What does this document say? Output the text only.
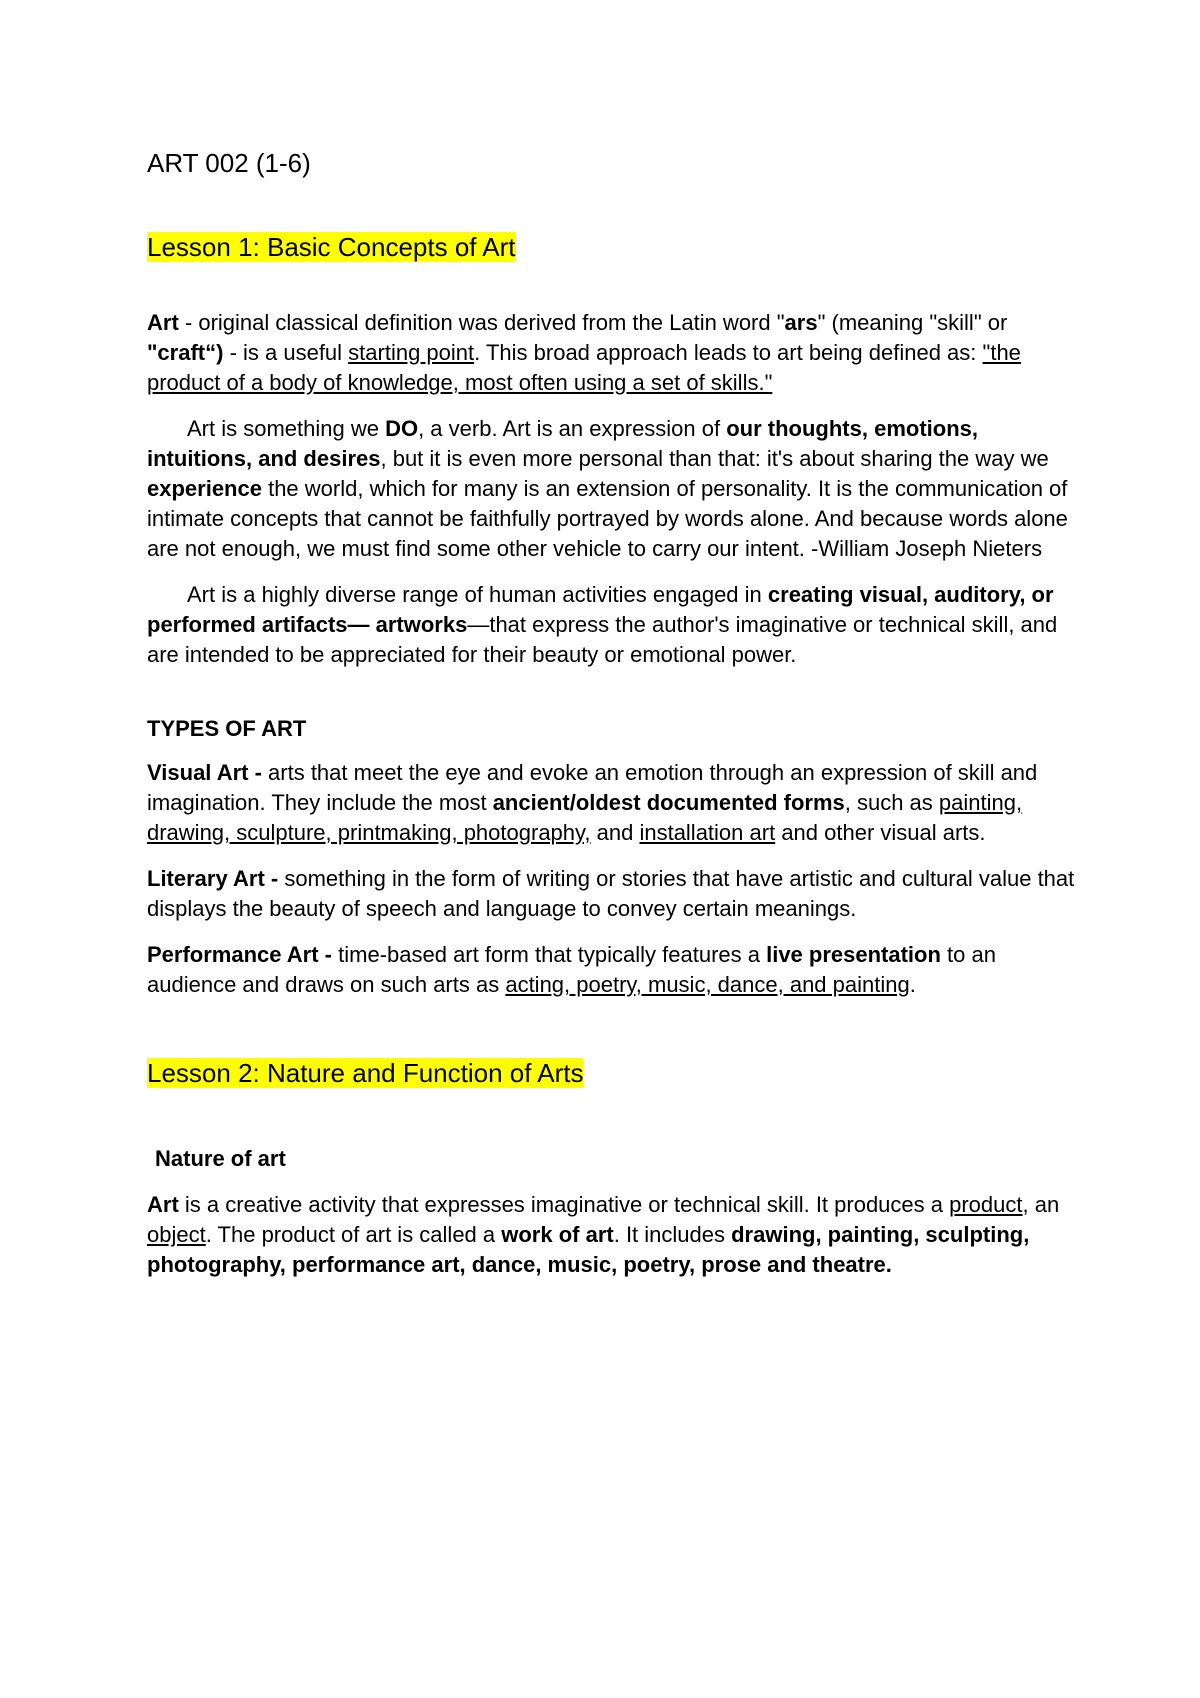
ART 002 (1-6)
Lesson 1: Basic Concepts of Art

Art - original classical definition was derived from the Latin word "ars" (meaning "skill" or "craft“) - is a useful starting point. This broad approach leads to art being defined as: "the product of a body of knowledge, most often using a set of skills."

Art is something we DO, a verb. Art is an expression of our thoughts, emotions, intuitions, and desires, but it is even more personal than that: it's about sharing the way we experience the world, which for many is an extension of personality. It is the communication of intimate concepts that cannot be faithfully portrayed by words alone. And because words alone are not enough, we must find some other vehicle to carry our intent. -William Joseph Nieters

Art is a highly diverse range of human activities engaged in creating visual, auditory, or performed artifacts— artworks—that express the author's imaginative or technical skill, and are intended to be appreciated for their beauty or emotional power.

TYPES OF ART

Visual Art - arts that meet the eye and evoke an emotion through an expression of skill and imagination. They include the most ancient/oldest documented forms, such as painting, drawing, sculpture, printmaking, photography, and installation art and other visual arts.

Literary Art - something in the form of writing or stories that have artistic and cultural value that displays the beauty of speech and language to convey certain meanings.

Performance Art - time-based art form that typically features a live presentation to an audience and draws on such arts as acting, poetry, music, dance, and painting.

Lesson 2: Nature and Function of Arts

Nature of art

Art is a creative activity that expresses imaginative or technical skill. It produces a product, an object. The product of art is called a work of art. It includes drawing, painting, sculpting, photography, performance art, dance, music, poetry, prose and theatre.
